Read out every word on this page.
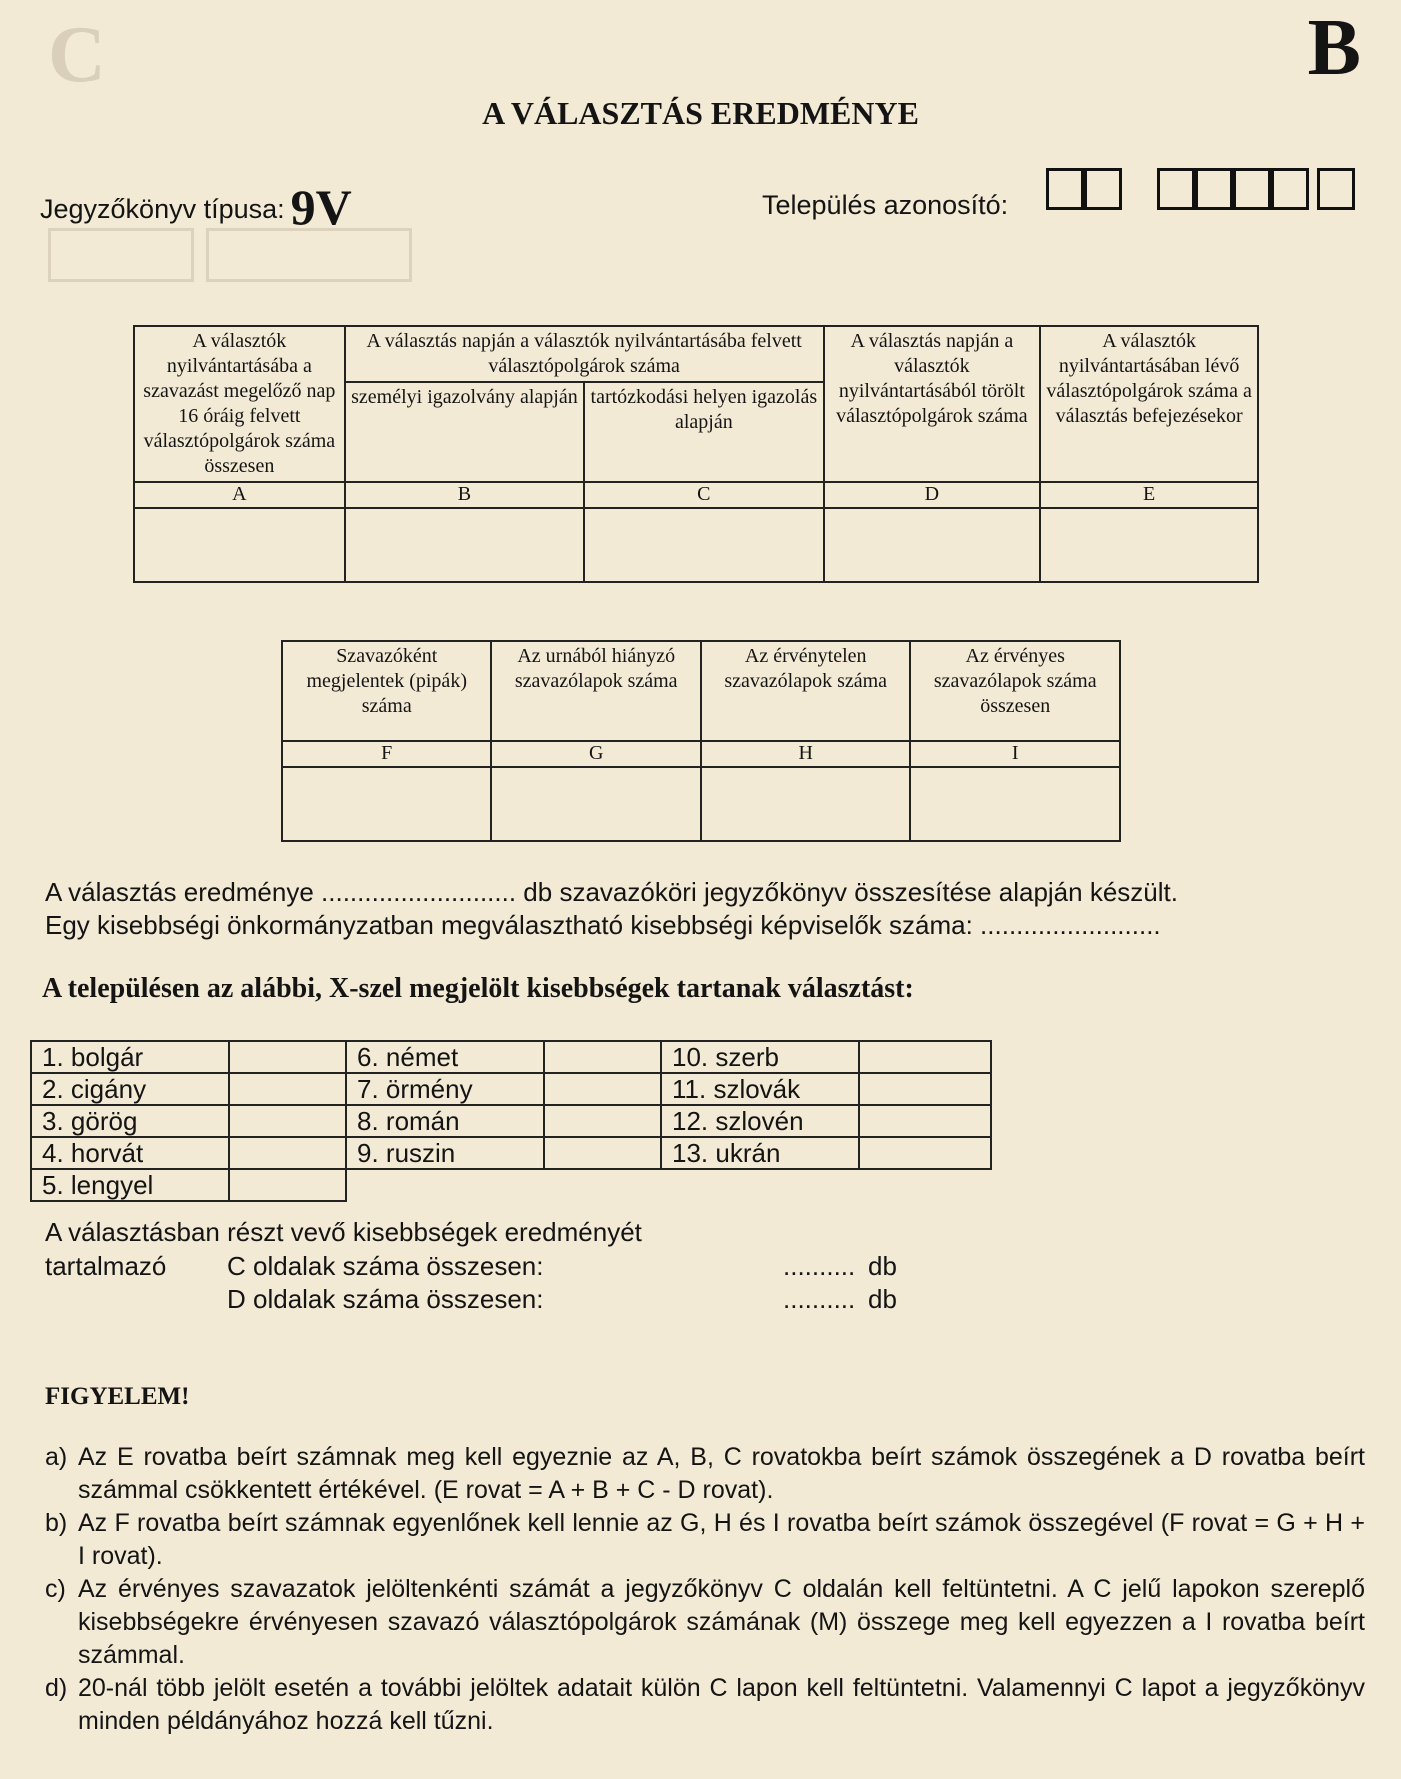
C	B
A VÁLASZTÁS EREDMÉNYE
Jegyzőkönyv típusa: 9V	Település azonosító:
A választók nyilvántartásába a szavazást megelőző nap 16 óráig felvett választópolgárok száma összesen	A választás napján a választók nyilvántartásába felvett választópolgárok száma		A választás napján a választók nyilvántartásából törölt választópolgárok száma	A választók nyilvántartásában lévő választópolgárok száma a választás befejezésekor
	személyi igazolvány alapján	tartózkodási helyen igazolás alapján		
A	B	C	D	E

Szavazóként megjelentek (pipák) száma	Az urnából hiányzó szavazólapok száma	Az érvénytelen szavazólapok száma	Az érvényes szavazólapok száma összesen
F	G	H	I

A választás eredménye ........................... db szavazóköri jegyzőkönyv összesítése alapján készült.
Egy kisebbségi önkormányzatban megválasztható kisebbségi képviselők száma: .........................
A településen az alábbi, X-szel megjelölt kisebbségek tartanak választást:
1. bolgár		6. német		10. szerb	
2. cigány		7. örmény		11. szlovák	
3. görög		8. román		12. szlovén	
4. horvát		9. ruszin		13. ukrán	
5. lengyel					
A választásban részt vevő kisebbségek eredményét
tartalmazó C oldalak száma összesen:	.......... db
D oldalak száma összesen:	.......... db
FIGYELEM!
a) Az E rovatba beírt számnak meg kell egyeznie az A, B, C rovatokba beírt számok összegének a D rovatba beírt számmal csökkentett értékével. (E rovat = A + B + C - D rovat).
b) Az F rovatba beírt számnak egyenlőnek kell lennie az G, H és I rovatba beírt számok összegével (F rovat = G + H + I rovat).
c) Az érvényes szavazatok jelöltenkénti számát a jegyzőkönyv C oldalán kell feltüntetni. A C jelű lapokon szereplő kisebbségekre érvényesen szavazó választópolgárok számának (M) összege meg kell egyezzen a I rovatba beírt számmal.
d) 20-nál több jelölt esetén a további jelöltek adatait külön C lapon kell feltüntetni. Valamennyi C lapot a jegyzőkönyv minden példányához hozzá kell tűzni.
